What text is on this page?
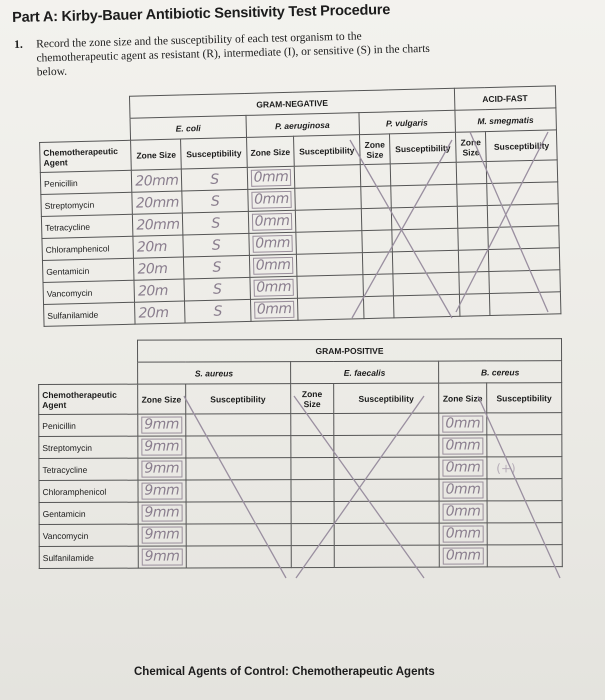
Part A: Kirby-Bauer Antibiotic Sensitivity Test Procedure
1. Record the zone size and the susceptibility of each test organism to the chemotherapeutic agent as resistant (R), intermediate (I), or sensitive (S) in the charts below.
	GRAM-NEGATIVE						ACID-FAST	
	E. coli		P. aeruginosa		P. vulgaris		M. smegmatis	
Chemotherapeutic Agent	Zone Size	Susceptibility	Zone Size	Susceptibility	Zone Size	Susceptibility	Zone Size	Susceptibility
Penicillin	20mm	S	0mm					
Streptomycin	20mm	S	0mm					
Tetracycline	20mm	S	0mm					
Chloramphenicol	20m	S	0mm					
Gentamicin	20m	S	0mm					
Vancomycin	20m	S	0mm					
Sulfanilamide	20m	S	0mm					
	GRAM-POSITIVE					
	S. aureus		E. faecalis		B. cereus	
Chemotherapeutic Agent	Zone Size	Susceptibility	Zone Size	Susceptibility	Zone Size	Susceptibility
Penicillin	9mm				0mm	
Streptomycin	9mm				0mm	
Tetracycline	9mm				0mm	(+)
Chloramphenicol	9mm				0mm	
Gentamicin	9mm				0mm	
Vancomycin	9mm				0mm	
Sulfanilamide	9mm				0mm	
Chemical Agents of Control: Chemotherapeutic Agents
